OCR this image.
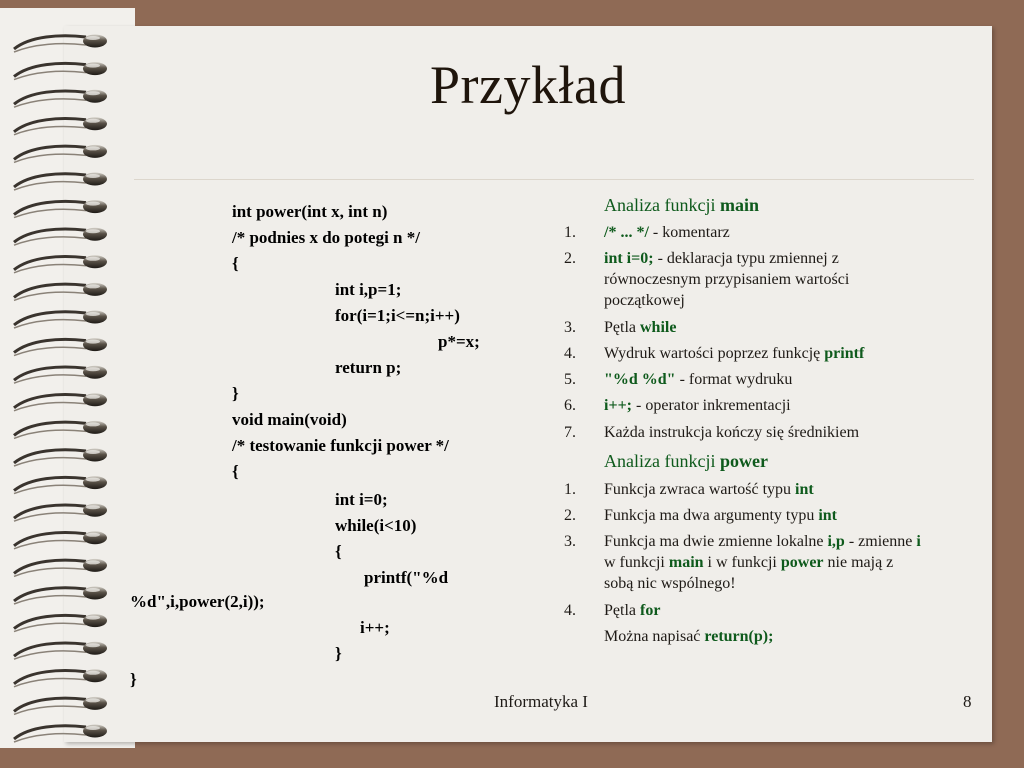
Przykład
int power(int x, int n)
/* podnies x do potegi n */
{
int i,p=1;
for(i=1;i<=n;i++)
p*=x;
return p;
}
void main(void)
/* testowanie funkcji power */
{
int i=0;
while(i<10)
{
printf("%d
%d",i,power(2,i));
i++;
}
}
Analiza funkcji main
1. /* ... */ - komentarz
2. int i=0; - deklaracja typu zmiennej z równoczesnym przypisaniem wartości początkowej
3. Pętla while
4. Wydruk wartości poprzez funkcję printf
5. "%d %d" - format wydruku
6. i++; - operator inkrementacji
7. Każda instrukcja kończy się średnikiem
Analiza funkcji power
1. Funkcja zwraca wartość typu int
2. Funkcja ma dwa argumenty typu int
3. Funkcja ma dwie zmienne lokalne i,p - zmienne i w funkcji main i w funkcji power nie mają z sobą nic wspólnego!
4. Pętla for
Można napisać return(p);
Informatyka I	8
